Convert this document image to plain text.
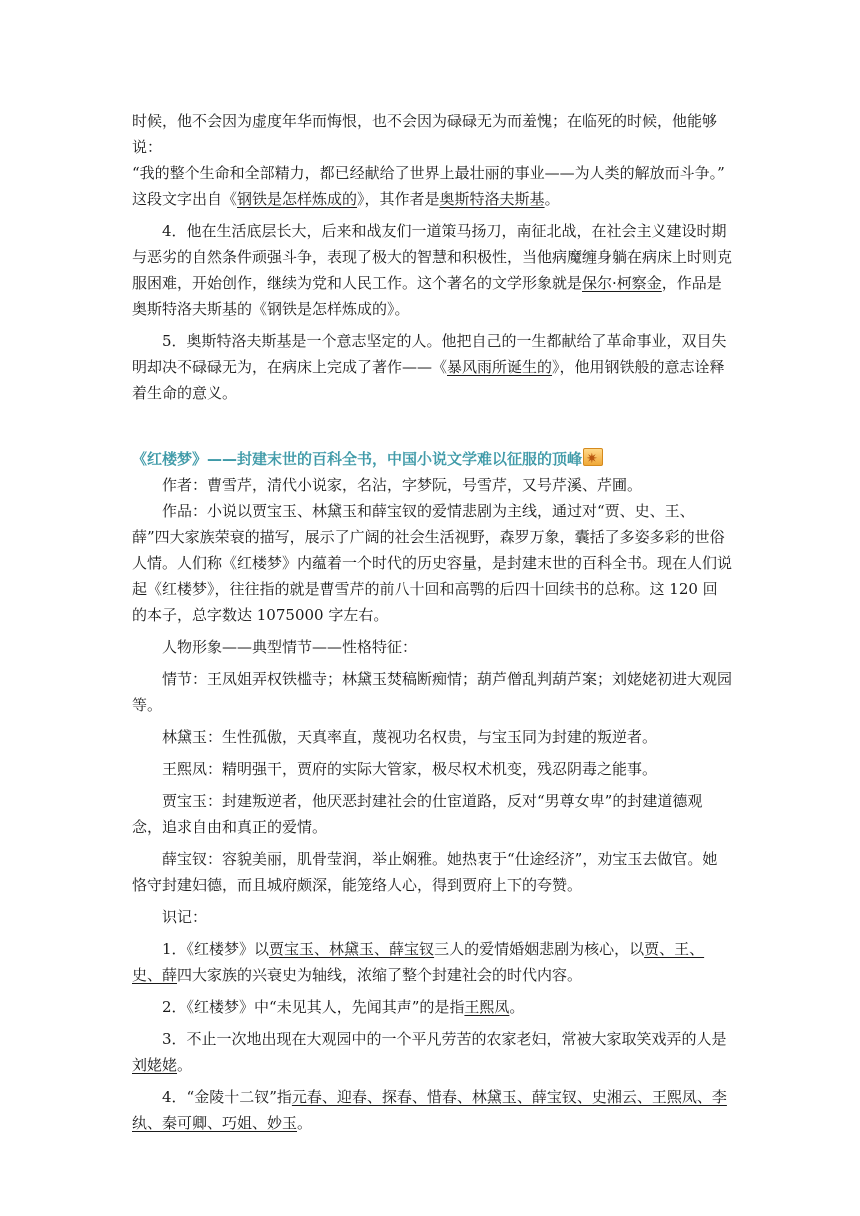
时候，他不会因为虚度年华而悔恨，也不会因为碌碌无为而羞愧；在临死的时候，他能够说：
“我的整个生命和全部精力，都已经献给了世界上最壮丽的事业——为人类的解放而斗争。”
这段文字出自《钢铁是怎样炼成的》，其作者是奥斯特洛夫斯基。

4．他在生活底层长大，后来和战友们一道策马扬刀，南征北战，在社会主义建设时期与恶劣的自然条件顽强斗争，表现了极大的智慧和积极性，当他病魔缠身躺在病床上时则克服困难，开始创作，继续为党和人民工作。这个著名的文学形象就是保尔·柯察金，作品是奥斯特洛夫斯基的《钢铁是怎样炼成的》。

5．奥斯特洛夫斯基是一个意志坚定的人。他把自己的一生都献给了革命事业，双目失明却决不碌碌无为，在病床上完成了著作——《暴风雨所诞生的》，他用钢铁般的意志诠释着生命的意义。

《红楼梦》——封建末世的百科全书，中国小说文学难以征服的顶峰✷

作者：曹雪芹，清代小说家，名沾，字梦阮，号雪芹，又号芹溪、芹圃。

作品：小说以贾宝玉、林黛玉和薛宝钗的爱情悲剧为主线，通过对“贾、史、王、薛”四大家族荣衰的描写，展示了广阔的社会生活视野，森罗万象，囊括了多姿多彩的世俗人情。人们称《红楼梦》内蕴着一个时代的历史容量，是封建末世的百科全书。现在人们说起《红楼梦》，往往指的就是曹雪芹的前八十回和高鹗的后四十回续书的总称。这 120 回的本子，总字数达 1075000 字左右。

人物形象——典型情节——性格特征：

情节：王凤姐弄权铁槛寺；林黛玉焚稿断痴情；葫芦僧乱判葫芦案；刘姥姥初进大观园等。

林黛玉：生性孤傲，天真率直，蔑视功名权贵，与宝玉同为封建的叛逆者。

王熙凤：精明强干，贾府的实际大管家，极尽权术机变，残忍阴毒之能事。

贾宝玉：封建叛逆者，他厌恶封建社会的仕宦道路，反对“男尊女卑”的封建道德观念，追求自由和真正的爱情。

薛宝钗：容貌美丽，肌骨莹润，举止娴雅。她热衷于“仕途经济”，劝宝玉去做官。她恪守封建妇德，而且城府颇深，能笼络人心，得到贾府上下的夸赞。

识记：

1．《红楼梦》以贾宝玉、林黛玉、薛宝钗三人的爱情婚姻悲剧为核心，以贾、王、史、薛四大家族的兴衰史为轴线，浓缩了整个封建社会的时代内容。

2．《红楼梦》中“未见其人，先闻其声”的是指王熙凤。

3．不止一次地出现在大观园中的一个平凡劳苦的农家老妇，常被大家取笑戏弄的人是刘姥姥。

4．“金陵十二钗”指元春、迎春、探春、惜春、林黛玉、薛宝钗、史湘云、王熙凤、李纨、秦可卿、巧姐、妙玉。
